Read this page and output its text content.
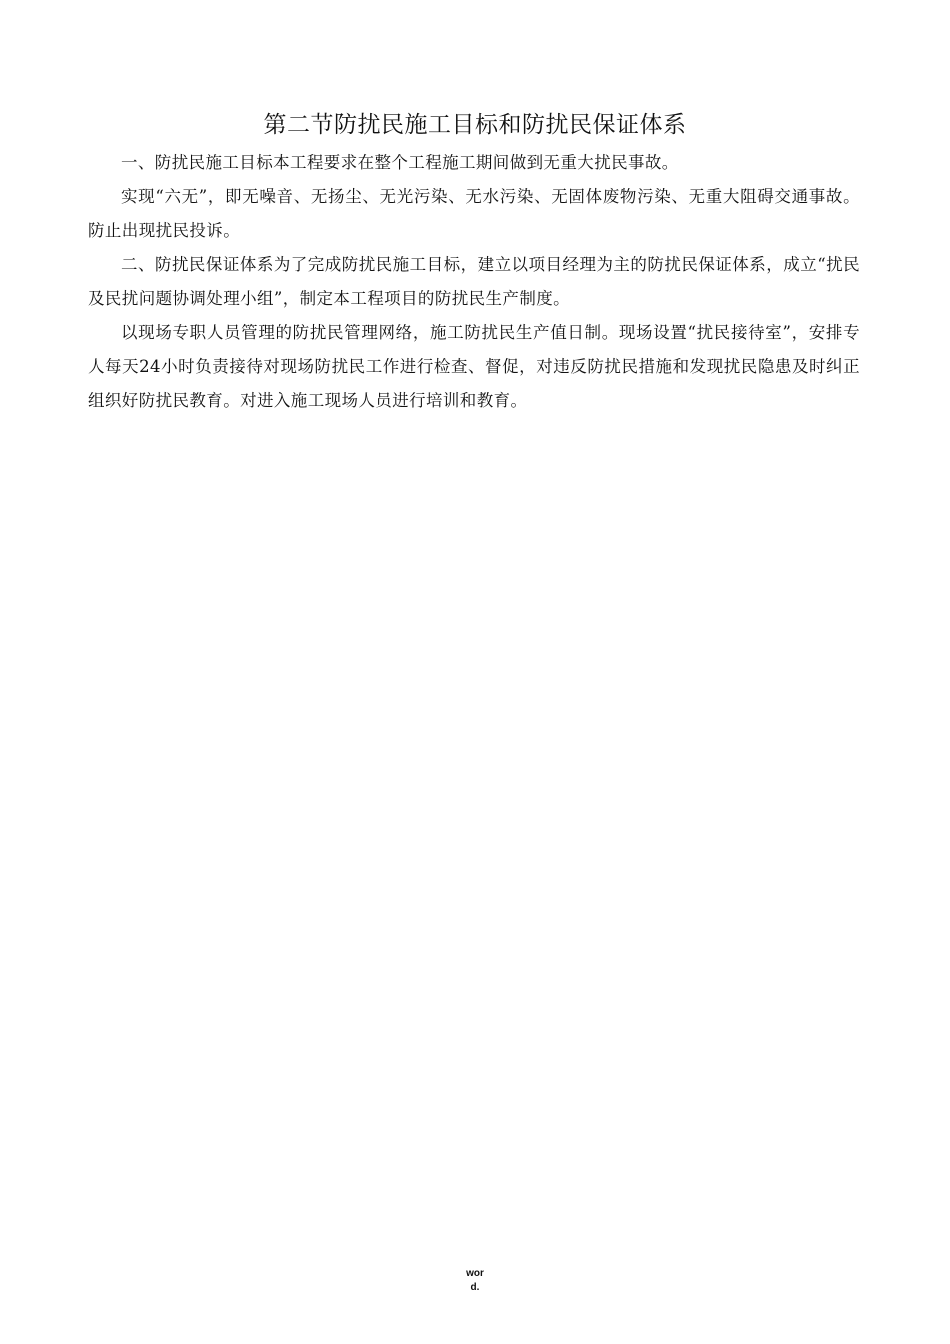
第二节防扰民施工目标和防扰民保证体系

一、防扰民施工目标本工程要求在整个工程施工期间做到无重大扰民事故。

实现“六无”，即无噪音、无扬尘、无光污染、无水污染、无固体废物污染、无重大阻碍交通事故。防止出现扰民投诉。

二、防扰民保证体系为了完成防扰民施工目标，建立以项目经理为主的防扰民保证体系，成立“扰民及民扰问题协调处理小组”，制定本工程项目的防扰民生产制度。

以现场专职人员管理的防扰民管理网络，施工防扰民生产值日制。现场设置“扰民接待室”，安排专人每天24小时负责接待对现场防扰民工作进行检查、督促，对违反防扰民措施和发现扰民隐患及时纠正组织好防扰民教育。对进入施工现场人员进行培训和教育。

wor
d.
